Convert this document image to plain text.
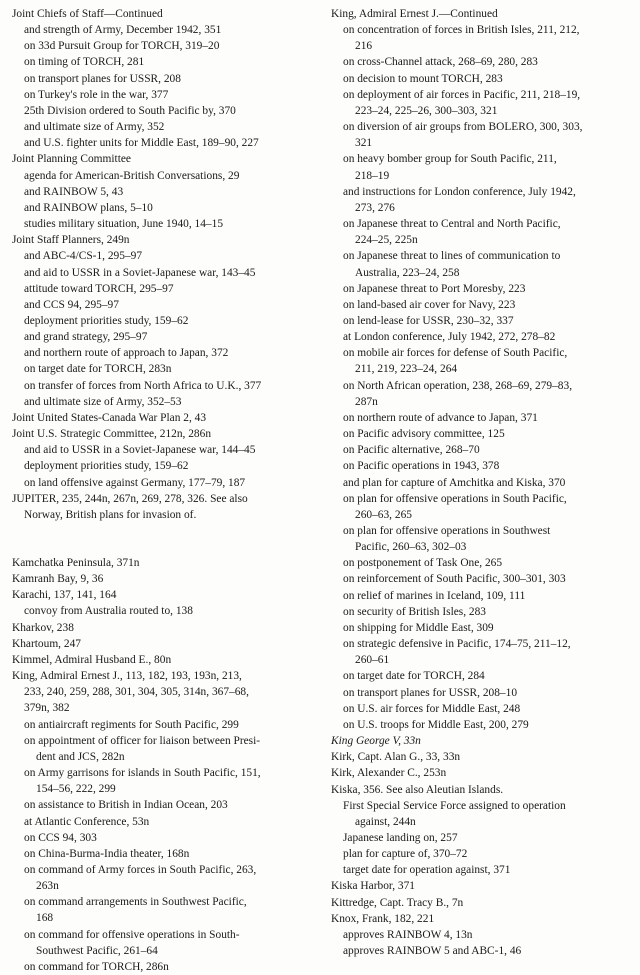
Joint Chiefs of Staff—Continued
and strength of Army, December 1942, 351
on 33d Pursuit Group for TORCH, 319–20
on timing of TORCH, 281
on transport planes for USSR, 208
on Turkey's role in the war, 377
25th Division ordered to South Pacific by, 370
and ultimate size of Army, 352
and U.S. fighter units for Middle East, 189–90, 227
Joint Planning Committee
agenda for American-British Conversations, 29
and RAINBOW 5, 43
and RAINBOW plans, 5–10
studies military situation, June 1940, 14–15
Joint Staff Planners, 249n
and ABC-4/CS-1, 295–97
and aid to USSR in a Soviet-Japanese war, 143–45
attitude toward TORCH, 295–97
and CCS 94, 295–97
deployment priorities study, 159–62
and grand strategy, 295–97
and northern route of approach to Japan, 372
on target date for TORCH, 283n
on transfer of forces from North Africa to U.K., 377
and ultimate size of Army, 352–53
Joint United States-Canada War Plan 2, 43
Joint U.S. Strategic Committee, 212n, 286n
and aid to USSR in a Soviet-Japanese war, 144–45
deployment priorities study, 159–62
on land offensive against Germany, 177–79, 187
JUPITER, 235, 244n, 267n, 269, 278, 326. See also
Norway, British plans for invasion of.
Kamchatka Peninsula, 371n
Kamranh Bay, 9, 36
Karachi, 137, 141, 164
convoy from Australia routed to, 138
Kharkov, 238
Khartoum, 247
Kimmel, Admiral Husband E., 80n
King, Admiral Ernest J., 113, 182, 193, 193n, 213,
233, 240, 259, 288, 301, 304, 305, 314n, 367–68,
379n, 382
on antiaircraft regiments for South Pacific, 299
on appointment of officer for liaison between Presi-
dent and JCS, 282n
on Army garrisons for islands in South Pacific, 151,
154–56, 222, 299
on assistance to British in Indian Ocean, 203
at Atlantic Conference, 53n
on CCS 94, 303
on China-Burma-India theater, 168n
on command of Army forces in South Pacific, 263,
263n
on command arrangements in Southwest Pacific,
168
on command for offensive operations in South-
Southwest Pacific, 261–64
on command for TORCH, 286n
King, Admiral Ernest J.—Continued
on concentration of forces in British Isles, 211, 212,
216
on cross-Channel attack, 268–69, 280, 283
on decision to mount TORCH, 283
on deployment of air forces in Pacific, 211, 218–19,
223–24, 225–26, 300–303, 321
on diversion of air groups from BOLERO, 300, 303,
321
on heavy bomber group for South Pacific, 211,
218–19
and instructions for London conference, July 1942,
273, 276
on Japanese threat to Central and North Pacific,
224–25, 225n
on Japanese threat to lines of communication to
Australia, 223–24, 258
on Japanese threat to Port Moresby, 223
on land-based air cover for Navy, 223
on lend-lease for USSR, 230–32, 337
at London conference, July 1942, 272, 278–82
on mobile air forces for defense of South Pacific,
211, 219, 223–24, 264
on North African operation, 238, 268–69, 279–83,
287n
on northern route of advance to Japan, 371
on Pacific advisory committee, 125
on Pacific alternative, 268–70
on Pacific operations in 1943, 378
and plan for capture of Amchitka and Kiska, 370
on plan for offensive operations in South Pacific,
260–63, 265
on plan for offensive operations in Southwest
Pacific, 260–63, 302–03
on postponement of Task One, 265
on reinforcement of South Pacific, 300–301, 303
on relief of marines in Iceland, 109, 111
on security of British Isles, 283
on shipping for Middle East, 309
on strategic defensive in Pacific, 174–75, 211–12,
260–61
on target date for TORCH, 284
on transport planes for USSR, 208–10
on U.S. air forces for Middle East, 248
on U.S. troops for Middle East, 200, 279
King George V, 33n
Kirk, Capt. Alan G., 33, 33n
Kirk, Alexander C., 253n
Kiska, 356. See also Aleutian Islands.
First Special Service Force assigned to operation
against, 244n
Japanese landing on, 257
plan for capture of, 370–72
target date for operation against, 371
Kiska Harbor, 371
Kittredge, Capt. Tracy B., 7n
Knox, Frank, 182, 221
approves RAINBOW 4, 13n
approves RAINBOW 5 and ABC-1, 46
